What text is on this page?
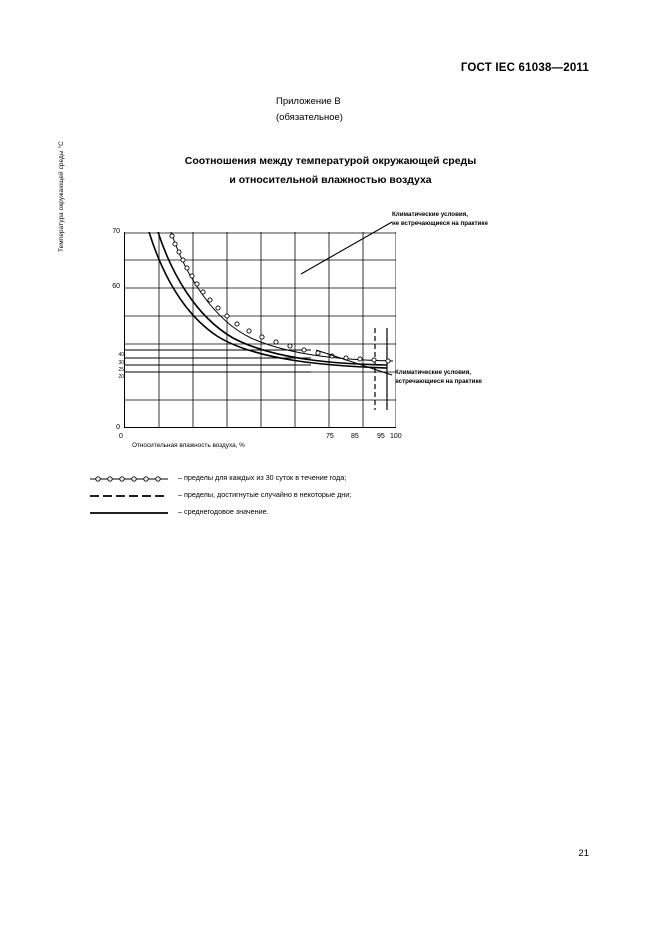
ГОСТ IEC 61038—2011
Приложение В
(обязательное)
Соотношения между температурой окружающей среды
и относительной влажностью воздуха
Температура окружающей среды °C
Относительная влажность воздуха, %
70
60
40
30
25
20
0
0	75 85	95 100
Климатические условия,
не встречающиеся на практике
Климатические условия,
встречающиеся на практике
– пределы для каждых из 30 суток в течение года;
– пределы, достигнутые случайно в некоторые дни;
– среднегодовое значение.
21
